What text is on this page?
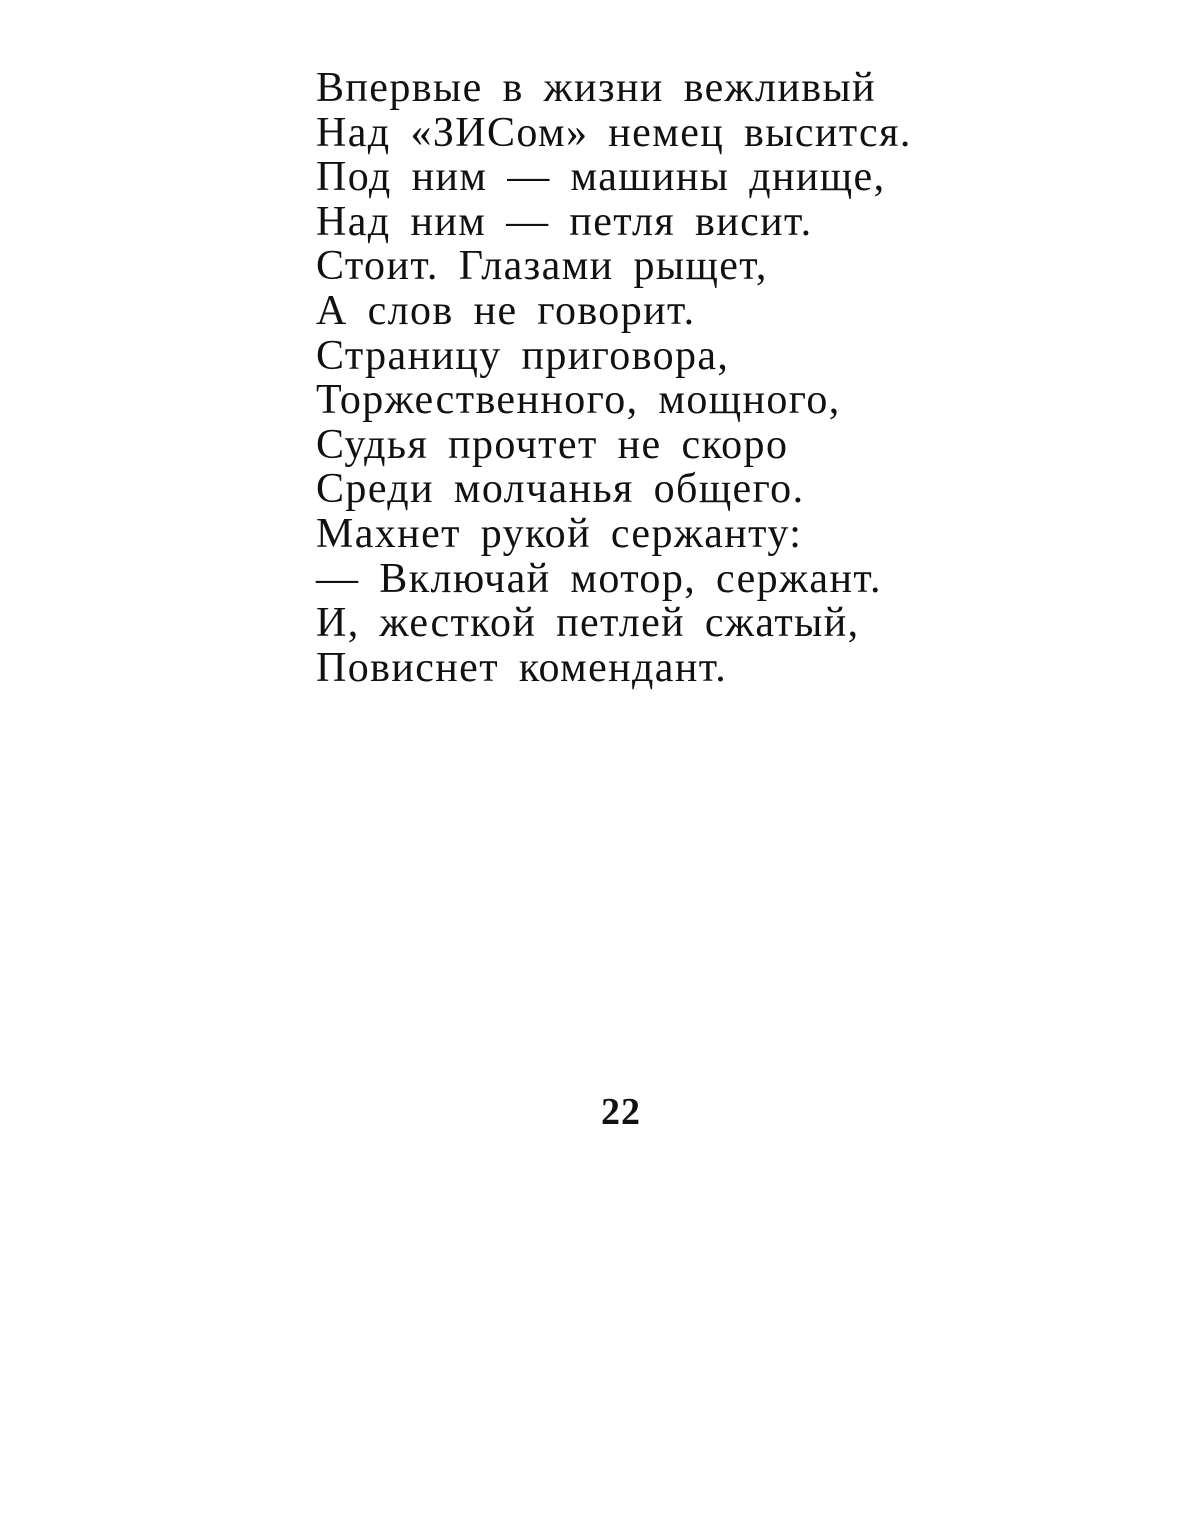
Впервые в жизни вежливый
Над «ЗИСом» немец высится.
Под ним — машины днище,
Над ним — петля висит.
Стоит. Глазами рыщет,
А слов не говорит.
Страницу приговора,
Торжественного, мощного,
Судья прочтет не скоро
Среди молчанья общего.
Махнет рукой сержанту:
— Включай мотор, сержант.
И, жесткой петлей сжатый,
Повиснет комендант.
22
